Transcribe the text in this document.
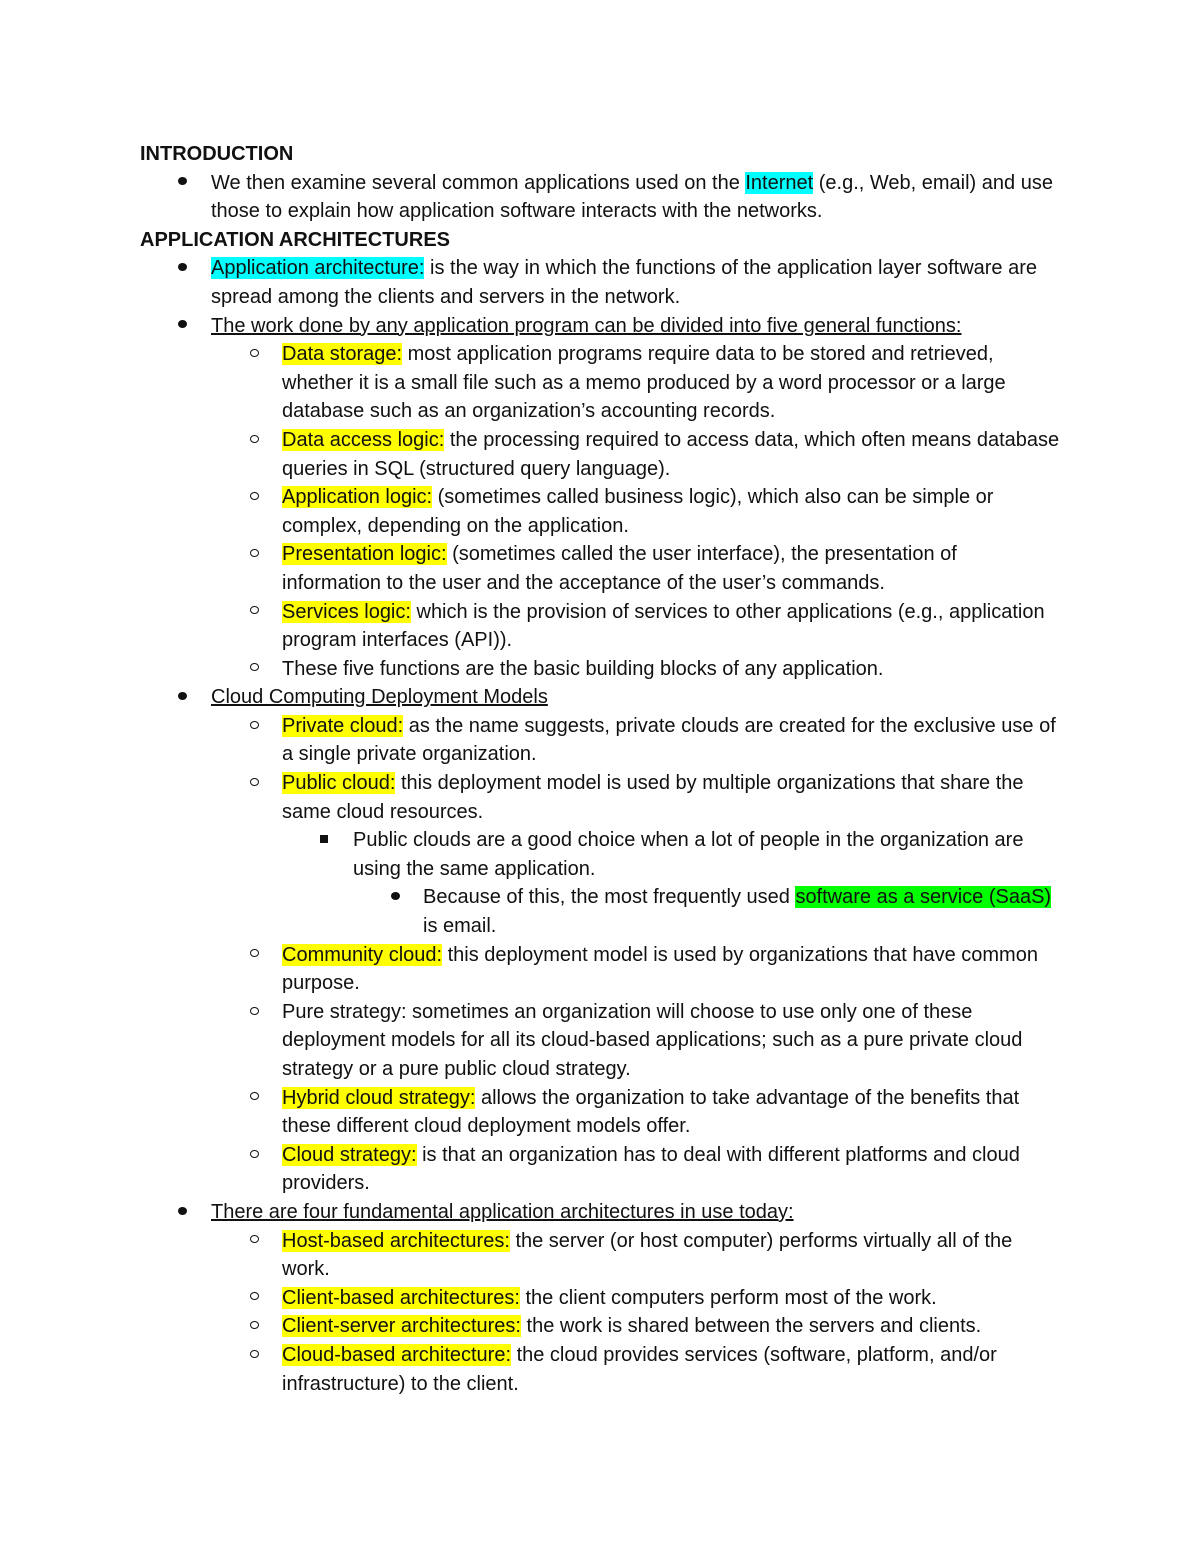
INTRODUCTION
We then examine several common applications used on the Internet (e.g., Web, email) and use those to explain how application software interacts with the networks.
APPLICATION ARCHITECTURES
Application architecture: is the way in which the functions of the application layer software are spread among the clients and servers in the network.
The work done by any application program can be divided into five general functions:
Data storage: most application programs require data to be stored and retrieved, whether it is a small file such as a memo produced by a word processor or a large database such as an organization’s accounting records.
Data access logic: the processing required to access data, which often means database queries in SQL (structured query language).
Application logic: (sometimes called business logic), which also can be simple or complex, depending on the application.
Presentation logic: (sometimes called the user interface), the presentation of information to the user and the acceptance of the user’s commands.
Services logic: which is the provision of services to other applications (e.g., application program interfaces (API)).
These five functions are the basic building blocks of any application.
Cloud Computing Deployment Models
Private cloud: as the name suggests, private clouds are created for the exclusive use of a single private organization.
Public cloud: this deployment model is used by multiple organizations that share the same cloud resources.
Public clouds are a good choice when a lot of people in the organization are using the same application.
Because of this, the most frequently used software as a service (SaaS) is email.
Community cloud: this deployment model is used by organizations that have common purpose.
Pure strategy: sometimes an organization will choose to use only one of these deployment models for all its cloud-based applications; such as a pure private cloud strategy or a pure public cloud strategy.
Hybrid cloud strategy: allows the organization to take advantage of the benefits that these different cloud deployment models offer.
Cloud strategy: is that an organization has to deal with different platforms and cloud providers.
There are four fundamental application architectures in use today:
Host-based architectures: the server (or host computer) performs virtually all of the work.
Client-based architectures: the client computers perform most of the work.
Client-server architectures: the work is shared between the servers and clients.
Cloud-based architecture: the cloud provides services (software, platform, and/or infrastructure) to the client.
